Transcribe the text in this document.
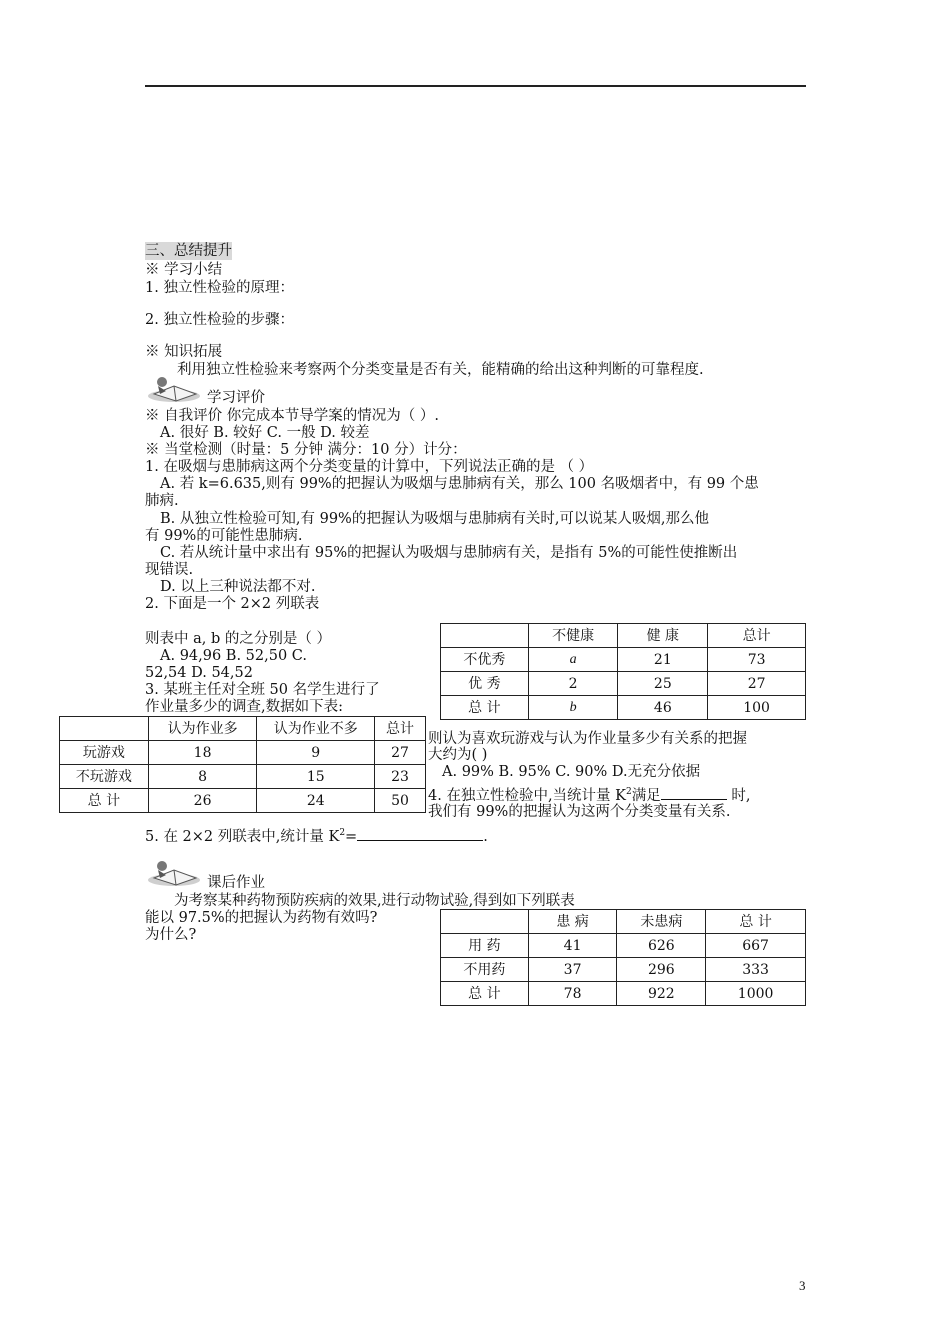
三、总结提升
※ 学习小结
1. 独立性检验的原理：
2. 独立性检验的步骤：
※ 知识拓展
利用独立性检验来考察两个分类变量是否有关，能精确的给出这种判断的可靠程度.
学习评价
※ 自我评价 你完成本节导学案的情况为（ ）.
A. 很好 B. 较好 C. 一般 D. 较差
※ 当堂检测（时量：5 分钟 满分：10 分）计分：
1. 在吸烟与患肺病这两个分类变量的计算中，下列说法正确的是 （ ）
A. 若 k=6.635,则有 99%的把握认为吸烟与患肺病有关，那么 100 名吸烟者中，有 99 个患
肺病.
B. 从独立性检验可知,有 99%的把握认为吸烟与患肺病有关时,可以说某人吸烟,那么他
有 99%的可能性患肺病.
C. 若从统计量中求出有 95%的把握认为吸烟与患肺病有关，是指有 5%的可能性使推断出
现错误.
D. 以上三种说法都不对.
2. 下面是一个 2×2 列联表
则表中 a, b 的之分别是（ ）
A. 94,96 B. 52,50 C.
52,54 D. 54,52
	不健康	健 康	总计
不优秀	a	21	73
优 秀	2	25	27
总 计	b	46	100
3. 某班主任对全班 50 名学生进行了
作业量多少的调查,数据如下表:
	认为作业多	认为作业不多	总计
玩游戏	18	9	27
不玩游戏	8	15	23
总 计	26	24	50
则认为喜欢玩游戏与认为作业量多少有关系的把握
大约为( )
A. 99% B. 95% C. 90% D.无充分依据
4. 在独立性检验中,当统计量 $K^2$满足	时,
我们有 99%的把握认为这两个分类变量有关系.
5. 在 2×2 列联表中,统计量 $K^2=$	.
课后作业
为考察某种药物预防疾病的效果,进行动物试验,得到如下列联表
能以 97.5%的把握认为药物有效吗?
为什么?
	患 病	未患病	总 计
用 药	41	626	667
不用药	37	296	333
总 计	78	922	1000
3
